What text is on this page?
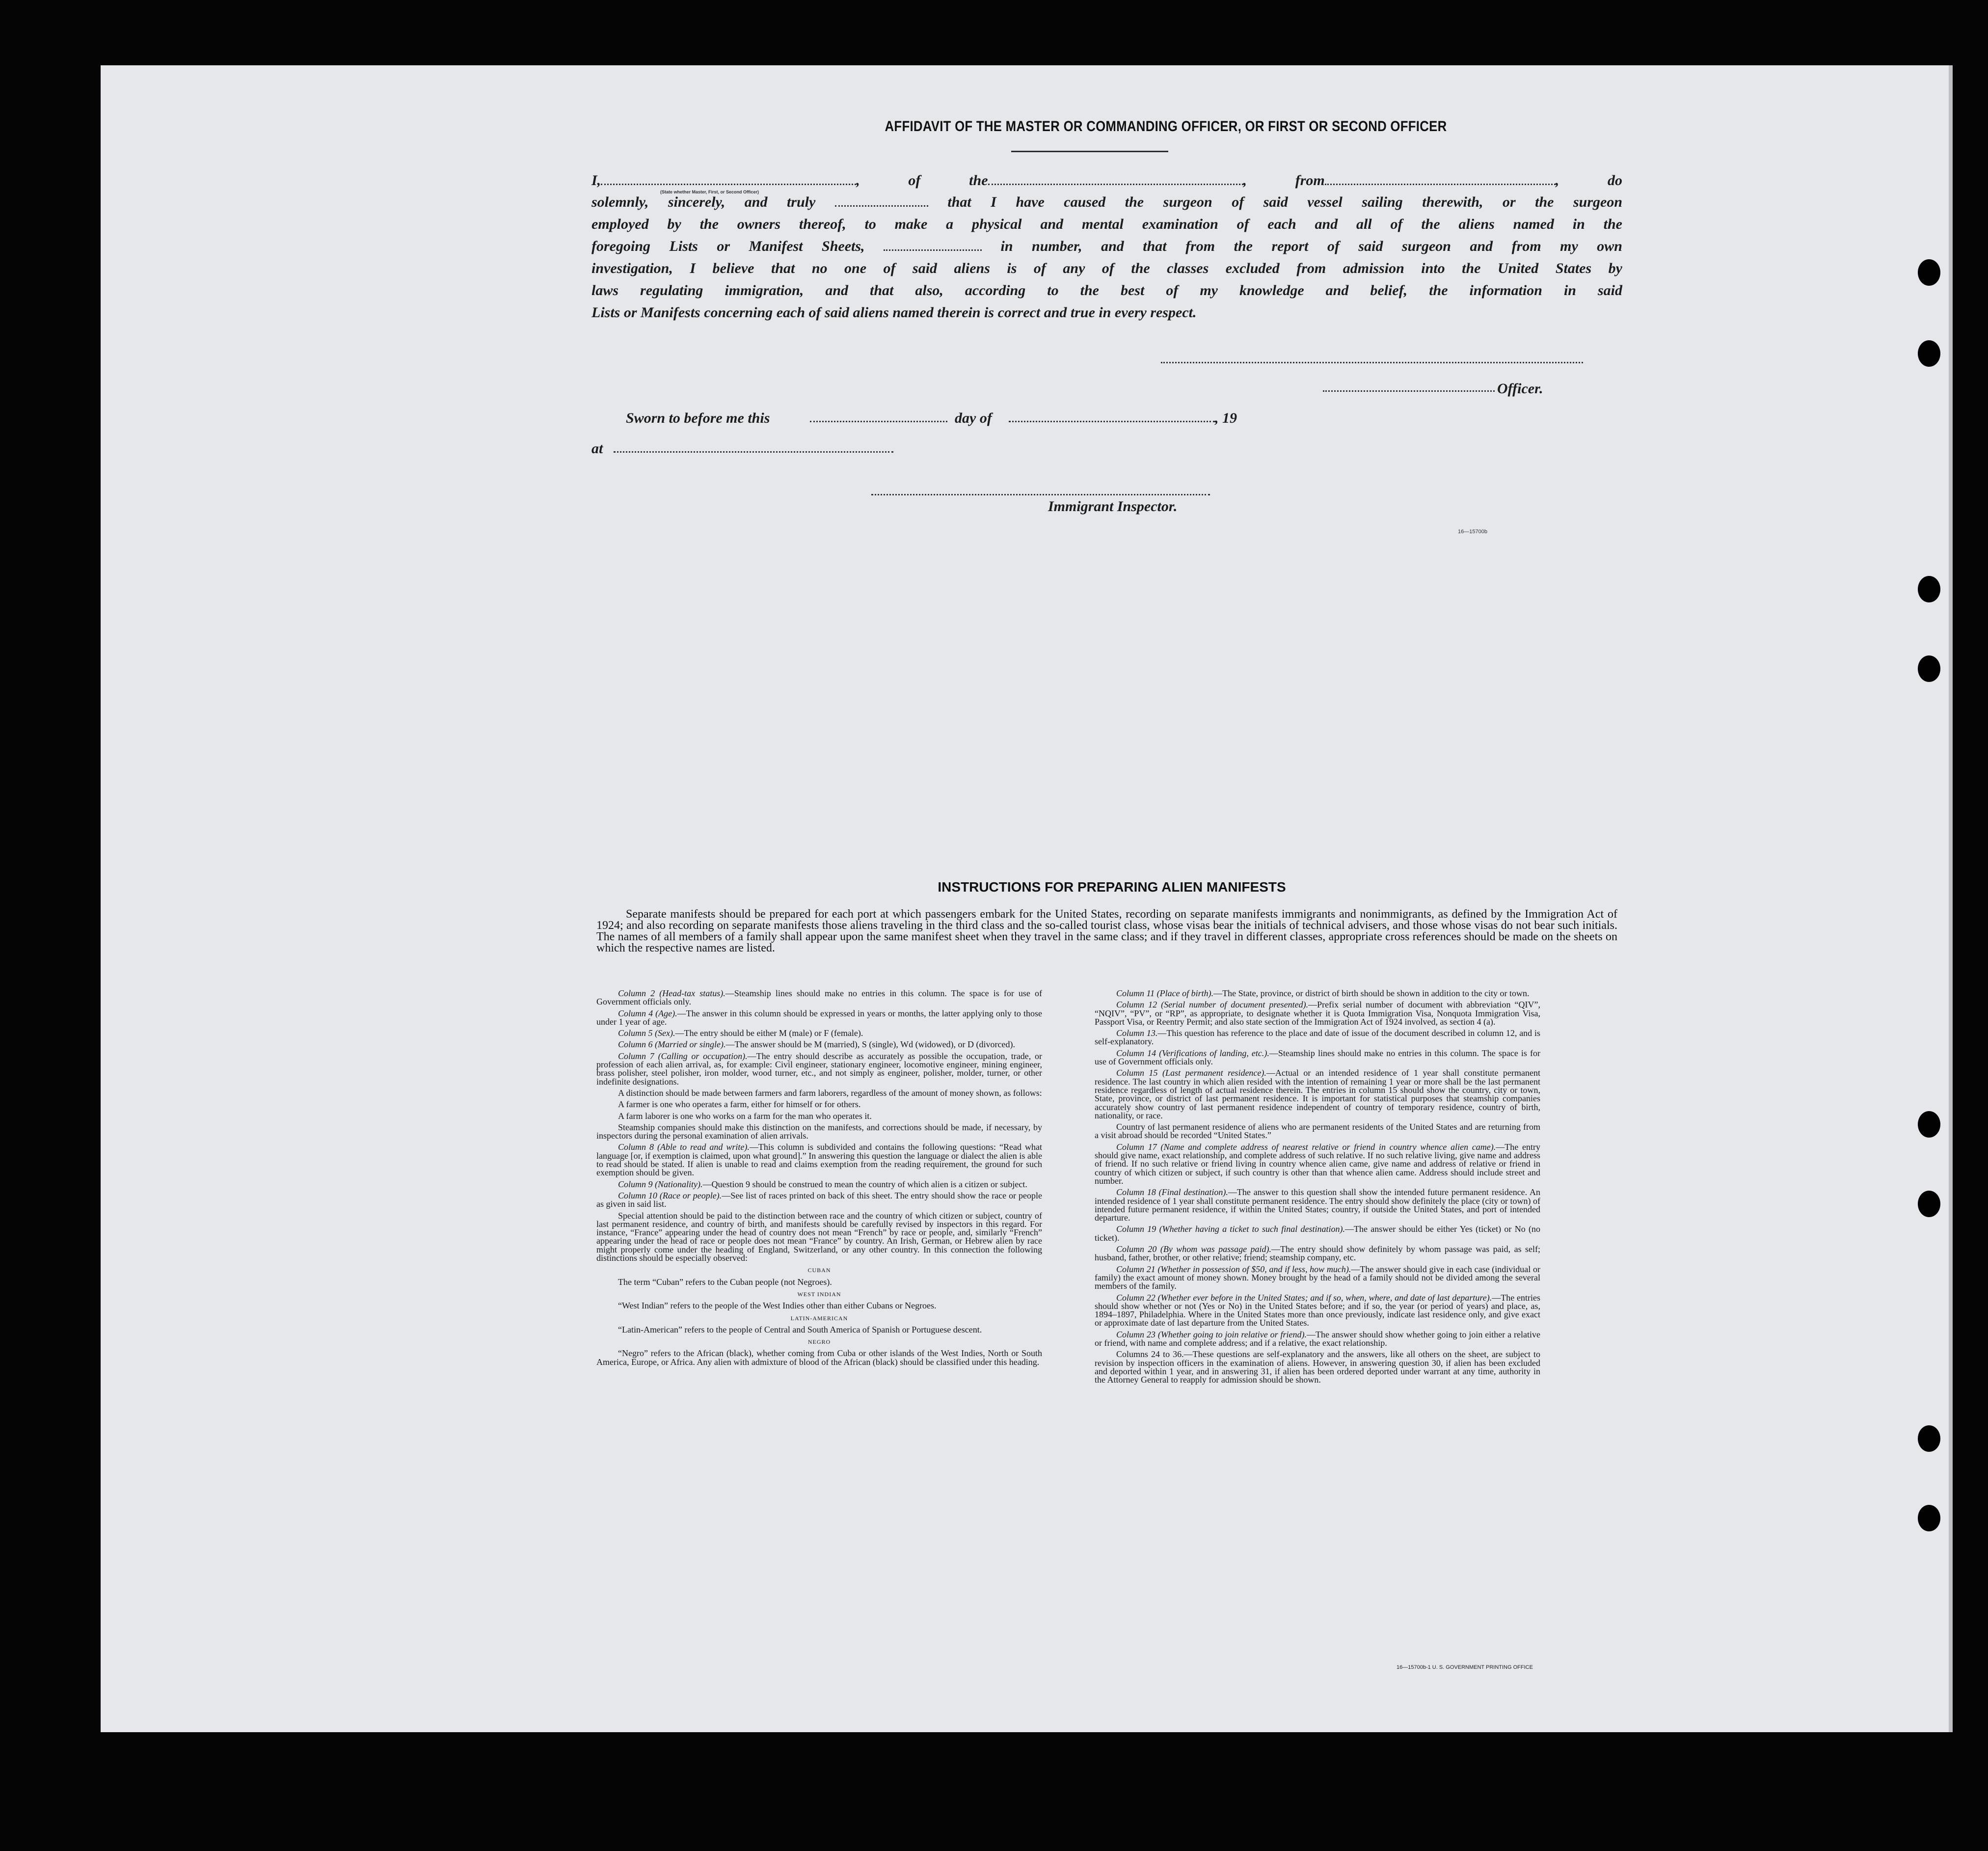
AFFIDAVIT OF THE MASTER OR COMMANDING OFFICER, OR FIRST OR SECOND OFFICER
I,	, of the	, from	, do
(State whether Master, First, or Second Officer)
solemnly, sincerely, and truly	that I have caused the surgeon of said vessel sailing therewith, or the surgeon
employed by the owners thereof, to make a physical and mental examination of each and all of the aliens named in the
foregoing Lists or Manifest Sheets,	in number, and that from the report of said surgeon and from my own
investigation, I believe that no one of said aliens is of any of the classes excluded from admission into the United States by
laws regulating immigration, and that also, according to the best of my knowledge and belief, the information in said
Lists or Manifests concerning each of said aliens named therein is correct and true in every respect.
Officer.
Sworn to before me this	day of	, 19
at
Immigrant Inspector.
16—15700b
INSTRUCTIONS FOR PREPARING ALIEN MANIFESTS
Separate manifests should be prepared for each port at which passengers embark for the United States, recording on separate manifests immigrants and nonimmigrants, as defined by the Immigration Act of 1924; and also recording on separate manifests those aliens traveling in the third class and the so-called tourist class, whose visas bear the initials of technical advisers, and those whose visas do not bear such initials. The names of all members of a family shall appear upon the same manifest sheet when they travel in the same class; and if they travel in different classes, appropriate cross references should be made on the sheets on which the respective names are listed.

Column 2 (Head-tax status).—Steamship lines should make no entries in this column. The space is for use of Government officials only.

Column 4 (Age).—The answer in this column should be expressed in years or months, the latter applying only to those under 1 year of age.

Column 5 (Sex).—The entry should be either M (male) or F (female).

Column 6 (Married or single).—The answer should be M (married), S (single), Wd (widowed), or D (divorced).

Column 7 (Calling or occupation).—The entry should describe as accurately as possible the occupation, trade, or profession of each alien arrival, as, for example: Civil engineer, stationary engineer, locomotive engineer, mining engineer, brass polisher, steel polisher, iron molder, wood turner, etc., and not simply as engineer, polisher, molder, turner, or other indefinite designations.

A distinction should be made between farmers and farm laborers, regardless of the amount of money shown, as follows:

A farmer is one who operates a farm, either for himself or for others.

A farm laborer is one who works on a farm for the man who operates it.

Steamship companies should make this distinction on the manifests, and corrections should be made, if necessary, by inspectors during the personal examination of alien arrivals.

Column 8 (Able to read and write).—This column is subdivided and contains the following questions: “Read what language [or, if exemption is claimed, upon what ground].” In answering this question the language or dialect the alien is able to read should be stated. If alien is unable to read and claims exemption from the reading requirement, the ground for such exemption should be given.

Column 9 (Nationality).—Question 9 should be construed to mean the country of which alien is a citizen or subject.

Column 10 (Race or people).—See list of races printed on back of this sheet. The entry should show the race or people as given in said list.

Special attention should be paid to the distinction between race and the country of which citizen or subject, country of last permanent residence, and country of birth, and manifests should be carefully revised by inspectors in this regard. For instance, “France” appearing under the head of country does not mean “French” by race or people, and, similarly “French” appearing under the head of race or people does not mean “France” by country. An Irish, German, or Hebrew alien by race might properly come under the heading of England, Switzerland, or any other country. In this connection the following distinctions should be especially observed:

CUBAN

The term “Cuban” refers to the Cuban people (not Negroes).

WEST INDIAN

“West Indian” refers to the people of the West Indies other than either Cubans or Negroes.

LATIN-AMERICAN

“Latin-American” refers to the people of Central and South America of Spanish or Portuguese descent.

NEGRO

“Negro” refers to the African (black), whether coming from Cuba or other islands of the West Indies, North or South America, Europe, or Africa. Any alien with admixture of blood of the African (black) should be classified under this heading.

Column 11 (Place of birth).—The State, province, or district of birth should be shown in addition to the city or town.

Column 12 (Serial number of document presented).—Prefix serial number of document with abbreviation “QIV”, “NQIV”, “PV”, or “RP”, as appropriate, to designate whether it is Quota Immigration Visa, Nonquota Immigration Visa, Passport Visa, or Reentry Permit; and also state section of the Immigration Act of 1924 involved, as section 4 (a).

Column 13.—This question has reference to the place and date of issue of the document described in column 12, and is self-explanatory.

Column 14 (Verifications of landing, etc.).—Steamship lines should make no entries in this column. The space is for use of Government officials only.

Column 15 (Last permanent residence).—Actual or an intended residence of 1 year shall constitute permanent residence. The last country in which alien resided with the intention of remaining 1 year or more shall be the last permanent residence regardless of length of actual residence therein. The entries in column 15 should show the country, city or town, State, province, or district of last permanent residence. It is important for statistical purposes that steamship companies accurately show country of last permanent residence independent of country of temporary residence, country of birth, nationality, or race.

Country of last permanent residence of aliens who are permanent residents of the United States and are returning from a visit abroad should be recorded “United States.”

Column 17 (Name and complete address of nearest relative or friend in country whence alien came).—The entry should give name, exact relationship, and complete address of such relative. If no such relative living, give name and address of friend. If no such relative or friend living in country whence alien came, give name and address of relative or friend in country of which citizen or subject, if such country is other than that whence alien came. Address should include street and number.

Column 18 (Final destination).—The answer to this question shall show the intended future permanent residence. An intended residence of 1 year shall constitute permanent residence. The entry should show definitely the place (city or town) of intended future permanent residence, if within the United States; country, if outside the United States, and port of intended departure.

Column 19 (Whether having a ticket to such final destination).—The answer should be either Yes (ticket) or No (no ticket).

Column 20 (By whom was passage paid).—The entry should show definitely by whom passage was paid, as self; husband, father, brother, or other relative; friend; steamship company, etc.

Column 21 (Whether in possession of $50, and if less, how much).—The answer should give in each case (individual or family) the exact amount of money shown. Money brought by the head of a family should not be divided among the several members of the family.

Column 22 (Whether ever before in the United States; and if so, when, where, and date of last departure).—The entries should show whether or not (Yes or No) in the United States before; and if so, the year (or period of years) and place, as, 1894–1897, Philadelphia. Where in the United States more than once previously, indicate last residence only, and give exact or approximate date of last departure from the United States.

Column 23 (Whether going to join relative or friend).—The answer should show whether going to join either a relative or friend, with name and complete address; and if a relative, the exact relationship.

Columns 24 to 36.—These questions are self-explanatory and the answers, like all others on the sheet, are subject to revision by inspection officers in the examination of aliens. However, in answering question 30, if alien has been excluded and deported within 1 year, and in answering 31, if alien has been ordered deported under warrant at any time, authority in the Attorney General to reapply for admission should be shown.

16—15700b-1 U. S. GOVERNMENT PRINTING OFFICE
